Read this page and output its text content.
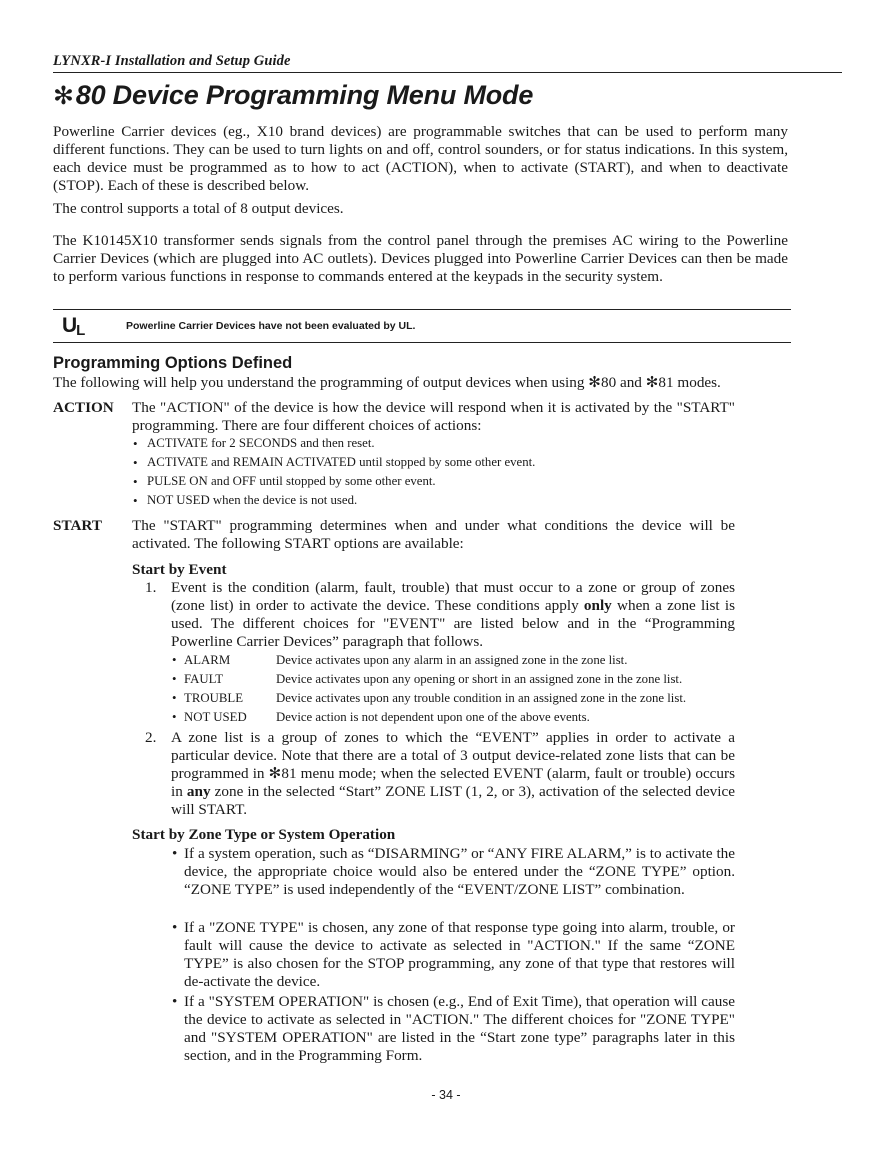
LYNXR-I Installation and Setup Guide
✻80 Device Programming Menu Mode
Powerline Carrier devices (eg., X10 brand devices) are programmable switches that can be used to perform many different functions. They can be used to turn lights on and off, control sounders, or for status indications. In this system, each device must be programmed as to how to act (ACTION), when to activate (START), and when to deactivate (STOP). Each of these is described below.
The control supports a total of 8 output devices.
The K10145X10 transformer sends signals from the control panel through the premises AC wiring to the Powerline Carrier Devices (which are plugged into AC outlets). Devices plugged into Powerline Carrier Devices can then be made to perform various functions in response to commands entered at the keypads in the security system.
UL	Powerline Carrier Devices have not been evaluated by UL.
Programming Options Defined
The following will help you understand the programming of output devices when using ✻80 and ✻81 modes.
ACTION The "ACTION" of the device is how the device will respond when it is activated by the "START" programming. There are four different choices of actions:
• ACTIVATE for 2 SECONDS and then reset.
• ACTIVATE and REMAIN ACTIVATED until stopped by some other event.
• PULSE ON and OFF until stopped by some other event.
• NOT USED when the device is not used.
START The "START" programming determines when and under what conditions the device will be activated. The following START options are available:
Start by Event
1. Event is the condition (alarm, fault, trouble) that must occur to a zone or group of zones (zone list) in order to activate the device. These conditions apply only when a zone list is used. The different choices for "EVENT" are listed below and in the “Programming Powerline Carrier Devices” paragraph that follows.
• ALARM	Device activates upon any alarm in an assigned zone in the zone list.
• FAULT	Device activates upon any opening or short in an assigned zone in the zone list.
• TROUBLE	Device activates upon any trouble condition in an assigned zone in the zone list.
• NOT USED Device action is not dependent upon one of the above events.
2. A zone list is a group of zones to which the “EVENT” applies in order to activate a particular device. Note that there are a total of 3 output device-related zone lists that can be programmed in ✻81 menu mode; when the selected EVENT (alarm, fault or trouble) occurs in any zone in the selected “Start” ZONE LIST (1, 2, or 3), activation of the selected device will START.
Start by Zone Type or System Operation
• If a system operation, such as “DISARMING” or “ANY FIRE ALARM,” is to activate the device, the appropriate choice would also be entered under the “ZONE TYPE” option. “ZONE TYPE” is used independently of the “EVENT/ZONE LIST” combination.
• If a "ZONE TYPE" is chosen, any zone of that response type going into alarm, trouble, or fault will cause the device to activate as selected in "ACTION." If the same “ZONE TYPE” is also chosen for the STOP programming, any zone of that type that restores will de-activate the device.
• If a "SYSTEM OPERATION" is chosen (e.g., End of Exit Time), that operation will cause the device to activate as selected in "ACTION." The different choices for "ZONE TYPE" and "SYSTEM OPERATION" are listed in the “Start zone type” paragraphs later in this section, and in the Programming Form.
- 34 -
